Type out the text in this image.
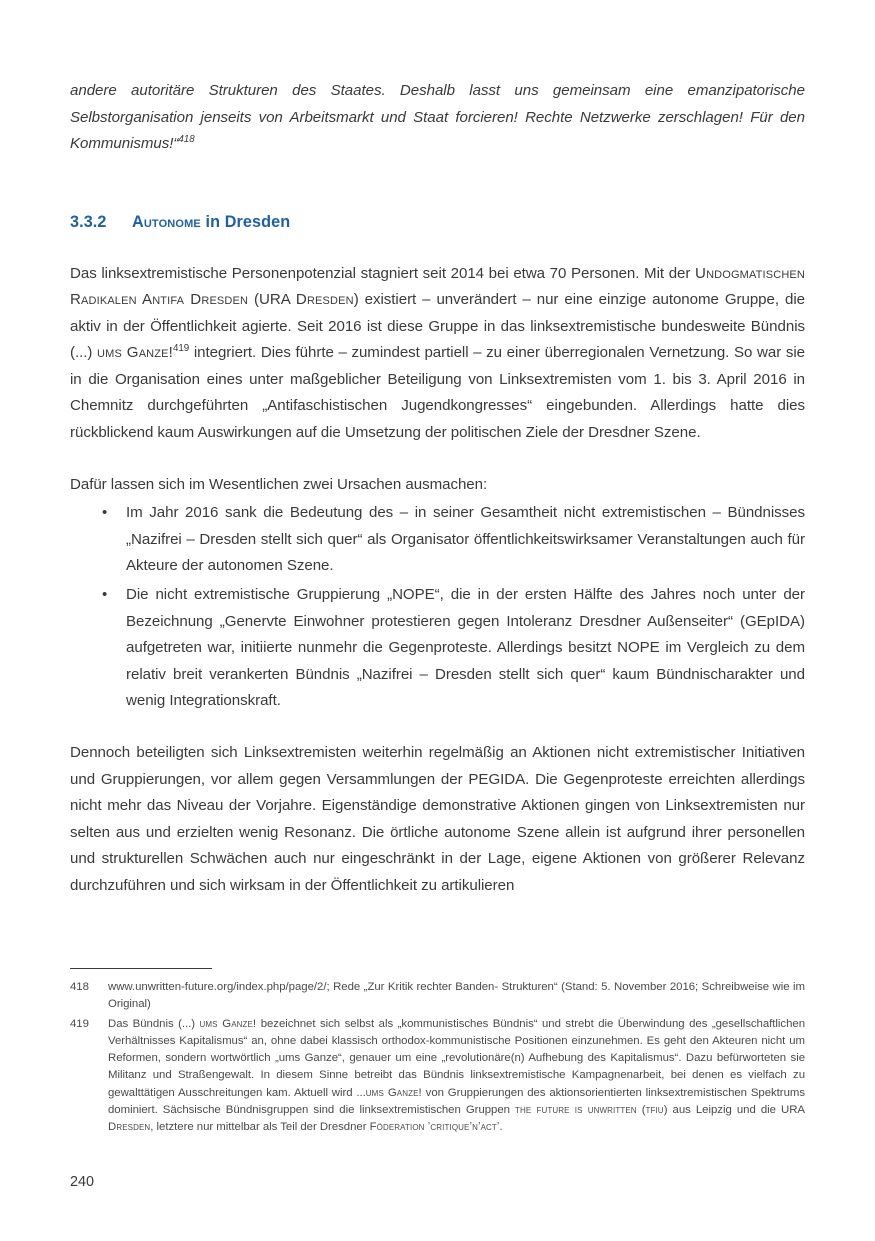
andere autoritäre Strukturen des Staates. Deshalb lasst uns gemeinsam eine emanzipatorische Selbstorganisation jenseits von Arbeitsmarkt und Staat forcieren! Rechte Netzwerke zerschlagen! Für den Kommunismus!“$^{418}$

3.3.2	Autonome in Dresden

Das linksextremistische Personenpotenzial stagniert seit 2014 bei etwa 70 Personen. Mit der Undogmatischen Radikalen Antifa Dresden (URA Dresden) existiert – unverändert – nur eine einzige autonome Gruppe, die aktiv in der Öffentlichkeit agierte. Seit 2016 ist diese Gruppe in das linksextremistische bundesweite Bündnis (...) ums Ganze!$^{419}$ integriert. Dies führte – zumindest partiell – zu einer überregionalen Vernetzung. So war sie in die Organisation eines unter maßgeblicher Beteiligung von Linksextremisten vom 1. bis 3. April 2016 in Chemnitz durchgeführten „Antifaschistischen Jugendkongresses“ eingebunden. Allerdings hatte dies rückblickend kaum Auswirkungen auf die Umsetzung der politischen Ziele der Dresdner Szene.

Dafür lassen sich im Wesentlichen zwei Ursachen ausmachen:

• Im Jahr 2016 sank die Bedeutung des – in seiner Gesamtheit nicht extremistischen – Bündnisses „Nazifrei – Dresden stellt sich quer“ als Organisator öffentlichkeitswirksamer Veranstaltungen auch für Akteure der autonomen Szene.
• Die nicht extremistische Gruppierung „NOPE“, die in der ersten Hälfte des Jahres noch unter der Bezeichnung „Genervte Einwohner protestieren gegen Intoleranz Dresdner Außenseiter“ (GEpIDA) aufgetreten war, initiierte nunmehr die Gegenproteste. Allerdings besitzt NOPE im Vergleich zu dem relativ breit verankerten Bündnis „Nazifrei – Dresden stellt sich quer“ kaum Bündnischarakter und wenig Integrationskraft.

Dennoch beteiligten sich Linksextremisten weiterhin regelmäßig an Aktionen nicht extremistischer Initiativen und Gruppierungen, vor allem gegen Versammlungen der PEGIDA. Die Gegenproteste erreichten allerdings nicht mehr das Niveau der Vorjahre. Eigenständige demonstrative Aktionen gingen von Linksextremisten nur selten aus und erzielten wenig Resonanz. Die örtliche autonome Szene allein ist aufgrund ihrer personellen und strukturellen Schwächen auch nur eingeschränkt in der Lage, eigene Aktionen von größerer Relevanz durchzuführen und sich wirksam in der Öffentlichkeit zu artikulieren

418 www.unwritten-future.org/index.php/page/2/; Rede „Zur Kritik rechter Banden- Strukturen“ (Stand: 5. November 2016; Schreibweise wie im Original)
419 Das Bündnis (...) ums Ganze! bezeichnet sich selbst als „kommunistisches Bündnis“ und strebt die Überwindung des „gesellschaftlichen Verhältnisses Kapitalismus“ an, ohne dabei klassisch orthodox-kommunistische Positionen einzunehmen. Es geht den Akteuren nicht um Reformen, sondern wortwörtlich „ums Ganze“, genauer um eine „revolutionäre(n) Aufhebung des Kapitalismus“. Dazu befürworteten sie Militanz und Straßengewalt. In diesem Sinne betreibt das Bündnis linksextremistische Kampagnenarbeit, bei denen es vielfach zu gewalttätigen Ausschreitungen kam. Aktuell wird ...ums Ganze! von Gruppierungen des aktionsorientierten linksextremistischen Spektrums dominiert. Sächsische Bündnisgruppen sind die linksextremistischen Gruppen the future is unwritten (tfiu) aus Leipzig und die URA Dresden, letztere nur mittelbar als Teil der Dresdner Föderation ʼcritiqueʼnʼactʼ.
240
